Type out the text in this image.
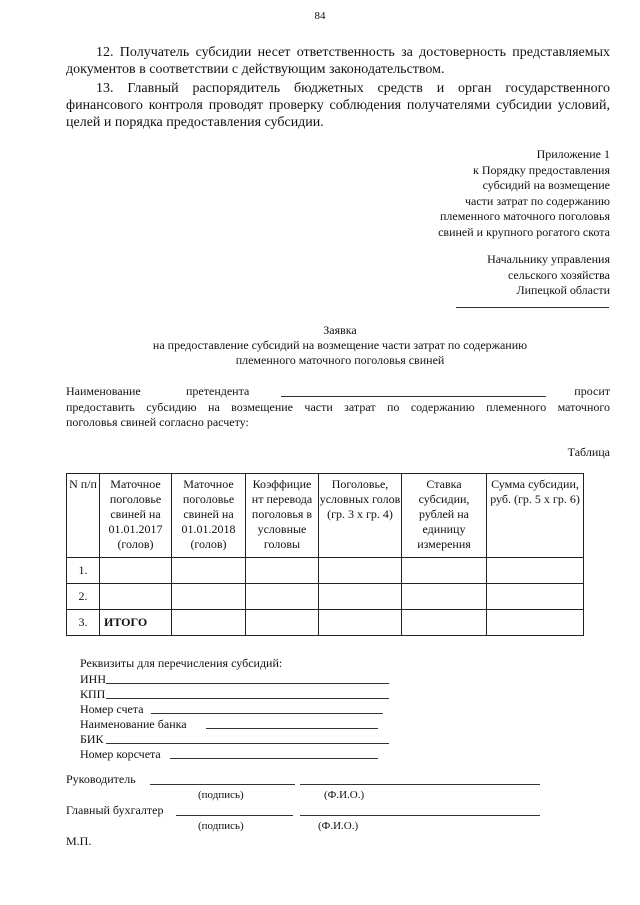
84
12. Получатель субсидии несет ответственность за достоверность представляемых документов в соответствии с действующим законодательством.
13. Главный распорядитель бюджетных средств и орган государственного финансового контроля проводят проверку соблюдения получателями субсидии условий, целей и порядка предоставления субсидии.
Приложение 1
к Порядку предоставления
субсидий на возмещение
части затрат по содержанию
племенного маточного поголовья
свиней и крупного рогатого скота
Начальнику управления
сельского хозяйства
Липецкой области
Заявка
на предоставление субсидий на возмещение части затрат по содержанию
племенного маточного поголовья свиней
Наименование	претендента	просит
предоставить субсидию на возмещение части затрат по содержанию племенного маточного
поголовья свиней согласно расчету:
Таблица
N п/п	Маточное поголовье свиней на 01.01.2017 (голов)	Маточное поголовье свиней на 01.01.2018 (голов)	Коэффицие нт перевода поголовья в условные головы	Поголовье, условных голов (гр. 3 x гр. 4)	Ставка субсидии, рублей на единицу измерения	Сумма субсидии, руб. (гр. 5 x гр. 6)
1.						
2.						
3.	ИТОГО					
Реквизиты для перечисления субсидий:
ИНН
КПП
Номер счета
Наименование банка
БИК
Номер корсчета
Руководитель
(подпись)	(Ф.И.О.)
Главный бухгалтер
(подпись)	(Ф.И.О.)
М.П.
